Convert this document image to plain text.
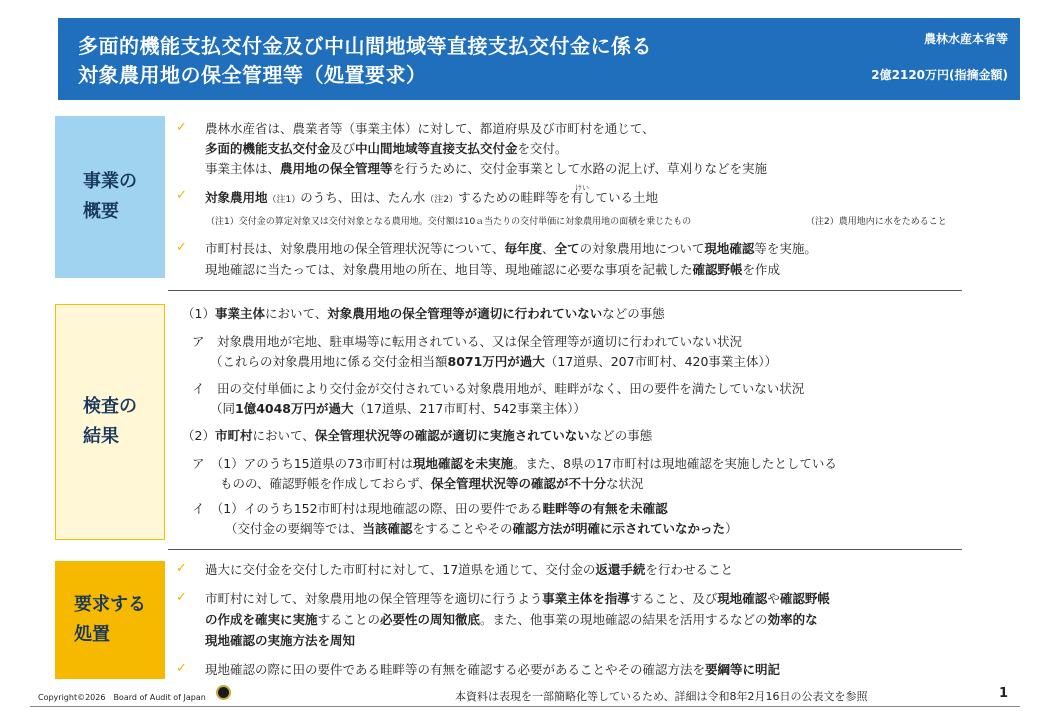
多面的機能支払交付金及び中山間地域等直接支払交付金に係る
対象農用地の保全管理等（処置要求）
農林水産本省等
2億2120万円(指摘金額)
事業の
概要
検査の
結果
要求する
処置
✓ 農林水産省は、農業者等（事業主体）に対して、都道府県及び市町村を通じて、
多面的機能支払交付金及び中山間地域等直接支払交付金を交付。
事業主体は、農用地の保全管理等を行うために、交付金事業として水路の泥上げ、草刈りなどを実施
✓	けい
対象農用地（注1）のうち、田は、たん水（注2）するための畦畔等を有している土地
（注1）交付金の算定対象又は交付対象となる農用地。交付額は10ａ当たりの交付単価に対象農用地の面積を乗じたもの	（注2）農用地内に水をためること
✓ 市町村長は、対象農用地の保全管理状況等について、毎年度、全ての対象農用地について現地確認等を実施。
現地確認に当たっては、対象農用地の所在、地目等、現地確認に必要な事項を記載した確認野帳を作成
（1）事業主体において、対象農用地の保全管理等が適切に行われていないなどの事態
ア　対象農用地が宅地、駐車場等に転用されている、又は保全管理等が適切に行われていない状況
（これらの対象農用地に係る交付金相当額8071万円が過大（17道県、207市町村、420事業主体））
イ　田の交付単価により交付金が交付されている対象農用地が、畦畔がなく、田の要件を満たしていない状況
（同1億4048万円が過大（17道県、217市町村、542事業主体））
（2）市町村において、保全管理状況等の確認が適切に実施されていないなどの事態
ア　（1）アのうち15道県の73市町村は現地確認を未実施。また、8県の17市町村は現地確認を実施したとしている
ものの、確認野帳を作成しておらず、保全管理状況等の確認が不十分な状況
イ　（1）イのうち152市町村は現地確認の際、田の要件である畦畔等の有無を未確認
（交付金の要綱等では、当該確認をすることやその確認方法が明確に示されていなかった）
✓ 過大に交付金を交付した市町村に対して、17道県を通じて、交付金の返還手続を行わせること
✓ 市町村に対して、対象農用地の保全管理等を適切に行うよう事業主体を指導すること、及び現地確認や確認野帳
の作成を確実に実施することの必要性の周知徹底。また、他事業の現地確認の結果を活用するなどの効率的な
現地確認の実施方法を周知
✓ 現地確認の際に田の要件である畦畔等の有無を確認する必要があることやその確認方法を要綱等に明記
Copyright©2026　Board of Audit of Japan	本資料は表現を一部簡略化等しているため、詳細は令和8年2月16日の公表文を参照	1
